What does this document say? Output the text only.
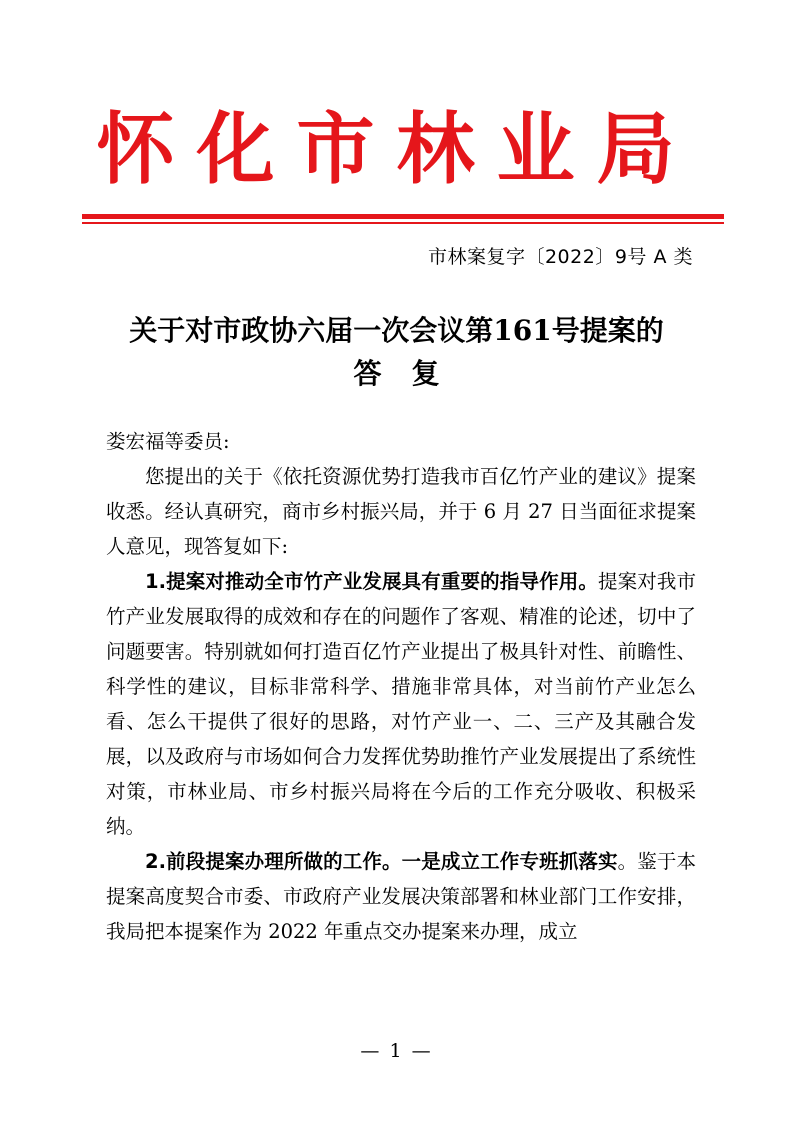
怀化市林业局
市林案复字〔2022〕9号 A 类
关于对市政协六届一次会议第161号提案的
答复

娄宏福等委员:

您提出的关于《依托资源优势打造我市百亿竹产业的建议》提案收悉。经认真研究，商市乡村振兴局，并于 6 月 27 日当面征求提案人意见，现答复如下:

1.提案对推动全市竹产业发展具有重要的指导作用。提案对我市竹产业发展取得的成效和存在的问题作了客观、精准的论述，切中了问题要害。特别就如何打造百亿竹产业提出了极具针对性、前瞻性、科学性的建议，目标非常科学、措施非常具体，对当前竹产业怎么看、怎么干提供了很好的思路，对竹产业一、二、三产及其融合发展，以及政府与市场如何合力发挥优势助推竹产业发展提出了系统性对策，市林业局、市乡村振兴局将在今后的工作充分吸收、积极采纳。

2.前段提案办理所做的工作。一是成立工作专班抓落实。鉴于本提案高度契合市委、市政府产业发展决策部署和林业部门工作安排，我局把本提案作为 2022 年重点交办提案来办理，成立

— 1 —
